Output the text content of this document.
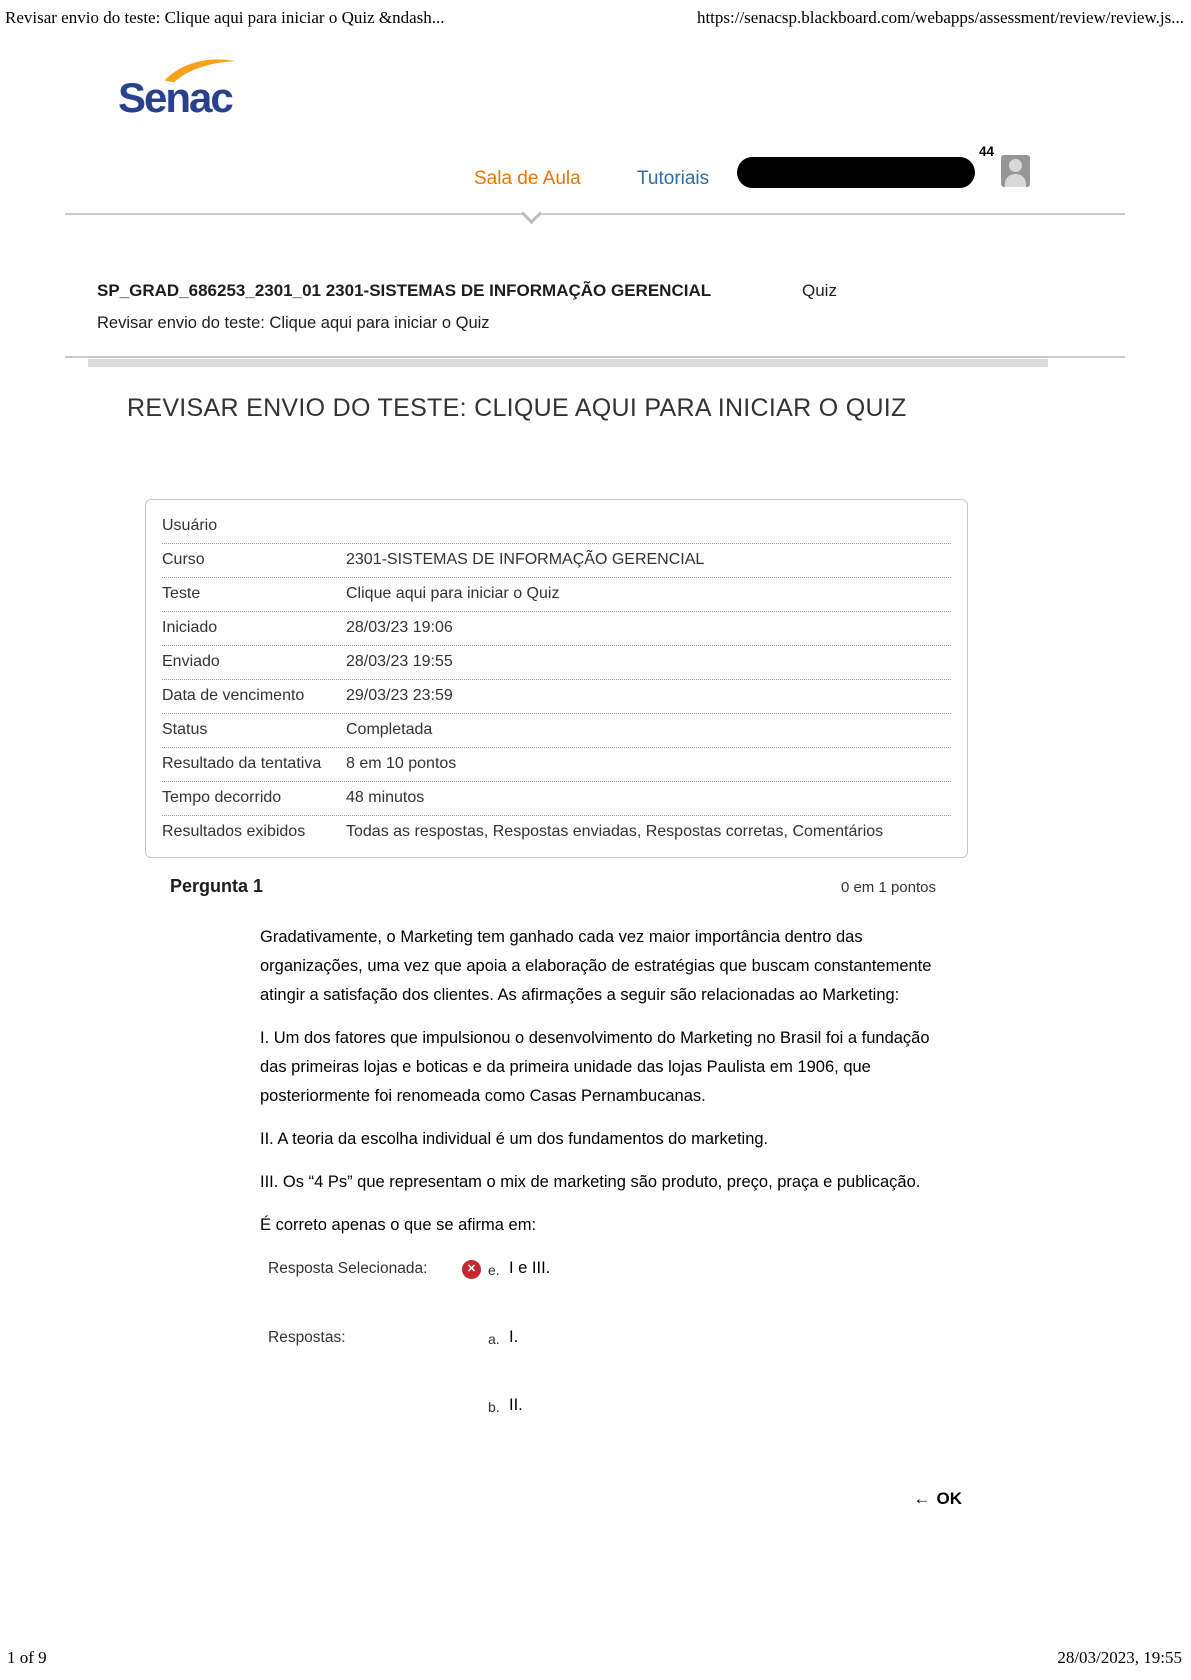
Revisar envio do teste: Clique aqui para iniciar o Quiz &ndash...	https://senacsp.blackboard.com/webapps/assessment/review/review.js...
Senac
Sala de Aula	Tutoriais
44
SP_GRAD_686253_2301_01 2301-SISTEMAS DE INFORMAÇÃO GERENCIAL	Quiz
Revisar envio do teste: Clique aqui para iniciar o Quiz
REVISAR ENVIO DO TESTE: CLIQUE AQUI PARA INICIAR O QUIZ
Usuário
Curso	2301-SISTEMAS DE INFORMAÇÃO GERENCIAL
Teste	Clique aqui para iniciar o Quiz
Iniciado	28/03/23 19:06
Enviado	28/03/23 19:55
Data de vencimento	29/03/23 23:59
Status	Completada
Resultado da tentativa	8 em 10 pontos
Tempo decorrido	48 minutos
Resultados exibidos	Todas as respostas, Respostas enviadas, Respostas corretas, Comentários
Pergunta 1	0 em 1 pontos

Gradativamente, o Marketing tem ganhado cada vez maior importância dentro das organizações, uma vez que apoia a elaboração de estratégias que buscam constantemente atingir a satisfação dos clientes. As afirmações a seguir são relacionadas ao Marketing:

I. Um dos fatores que impulsionou o desenvolvimento do Marketing no Brasil foi a fundação das primeiras lojas e boticas e da primeira unidade das lojas Paulista em 1906, que posteriormente foi renomeada como Casas Pernambucanas.

II. A teoria da escolha individual é um dos fundamentos do marketing.

III. Os “4 Ps” que representam o mix de marketing são produto, preço, praça e publicação.

É correto apenas o que se afirma em:

Resposta Selecionada:	✕ e. I e III.
Respostas:	a. I.
b. II.
← OK
1 of 9	28/03/2023, 19:55
